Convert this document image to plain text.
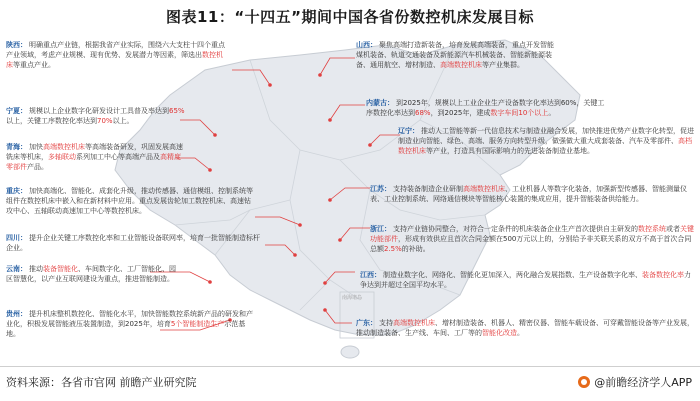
图表11：“十四五”期间中国各省份数控机床发展目标
南海诸岛
陕西： 明确重点产业链，根据我省产业实际，围绕六大支柱十四个重点产业领域，考虑产业规模、现有优势、发展潜力等因素，筛选出数控机床等重点产业。
宁夏： 规模以上企业数字化研发设计工具普及率达到65%以上，关键工序数控化率达到70%以上。
青海： 加快高端数控机床等高端装备研发，巩固发展高速铣床等机床，多轴联动系列加工中心等高端产品及高精度零部件产品。
重庆： 加快高端化、智能化、成套化升级，推动传感器、通信模组、控制系统等组件在数控机床中嵌入和在新材料中应用。重点发展齿轮加工数控机床、高速钻攻中心、五轴联动高速加工中心等数控机床。
四川： 提升企业关键工序数控化率和工业智能设备联网率，培育一批智能制造标杆企业。
云南： 推动装备智能化、车间数字化、工厂智能化、园区智慧化，以产业互联网建设为重点，推进智能制造。
贵州： 提升机床整机数控化、智能化水平，加快智能数控系统新产品的研发和产业化，积极发展智能液压装置制造，到2025年，培育5个智能制造生产示范基地。
山西： 聚焦高端打造新装备，培育发展高端装备，重点开发智能煤机装备、轨道交通装备及新能源汽车机械装备、智能新能源装备、通用航空、增材制造、高端数控机床等产业集群。
内蒙古： 到2025年，规模以上工业企业生产设备数字化率达到60%，关键工序数控化率达到68%，到2025年，建成数字车间10个以上。
辽宁： 推动人工智能等新一代信息技术与制造业融合发展，加快推进优势产业数字化转型，促进制造业向智能、绿色、高端、服务方向转型升级，做强做大重大成套装备、汽车及零部件、高档数控机床等产业，打造具有国际影响力的先进装备制造业基地。
江苏： 支持装备制造企业研制高端数控机床、工业机器人等数字化装备，加强新型传感器、智能测量仪表、工业控制系统、网络通信模块等智能核心装置的集成应用，提升智能装备供给能力。
浙江： 支持产业链协同整合，对符合一定条件的机床装备企业生产首次提供自主研发的数控系统或者关键功能部件，形成有效供应且首次合同金额在500万元以上的，分别给予非关联关系的双方不高于首次合同总额2.5%的补助。
江西： 制造业数字化、网络化、智能化更加深入，两化融合发展指数、生产设备数字化率、装备数控化率力争达到并超过全国平均水平。
广东： 支持高端数控机床、增材制造装备、机器人、精密仪器、智能车载设备、可穿戴智能设备等产业发展，推动制造装备、生产线、车间、工厂等的智能化改造。
资料来源：各省市官网 前瞻产业研究院	@前瞻经济学人APP
